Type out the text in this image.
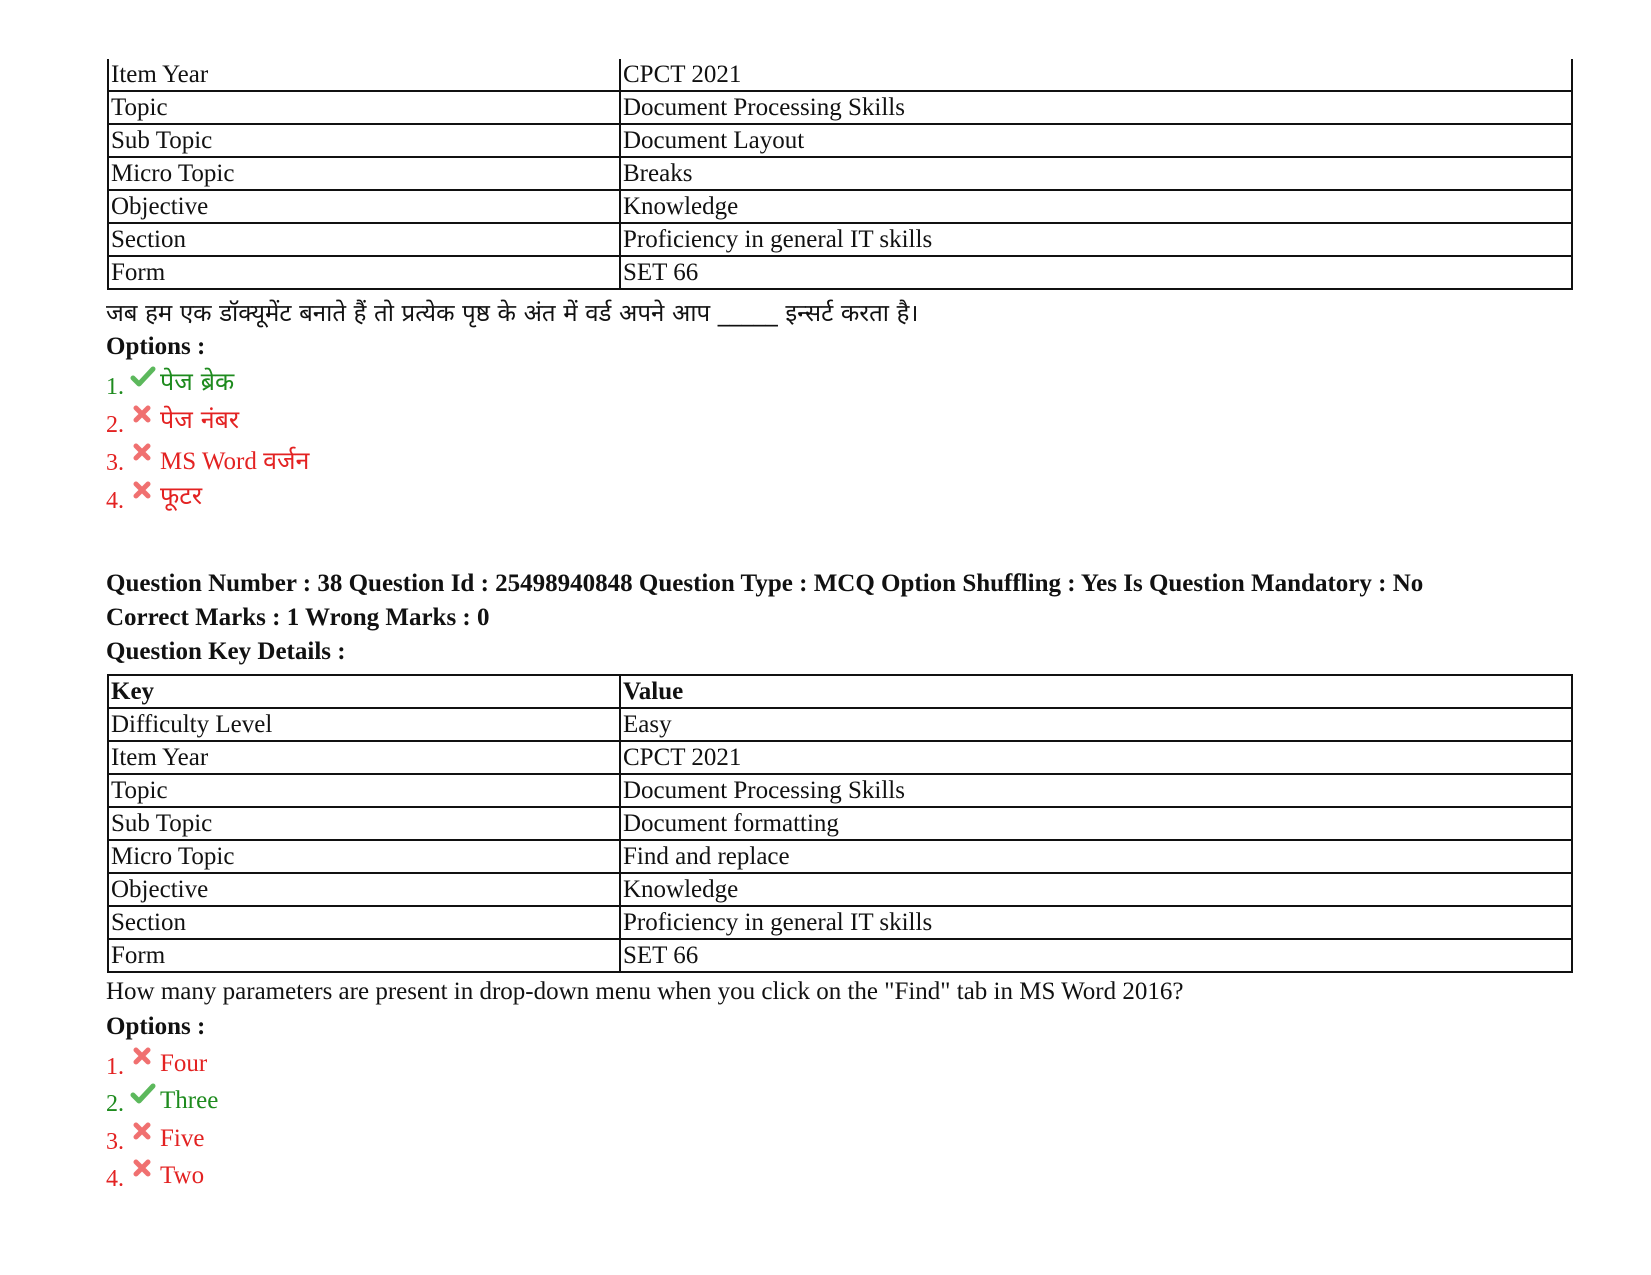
Item Year	CPCT 2021
Topic	Document Processing Skills
Sub Topic	Document Layout
Micro Topic	Breaks
Objective	Knowledge
Section	Proficiency in general IT skills
Form	SET 66
जब हम एक डॉक्यूमेंट बनाते हैं तो प्रत्येक पृष्ठ के अंत में वर्ड अपने आप _____ इन्सर्ट करता है।
Options :
1. पेज ब्रेक
2. पेज नंबर
3. MS Word वर्जन
4. फूटर
Question Number : 38 Question Id : 25498940848 Question Type : MCQ Option Shuffling : Yes Is Question Mandatory : No
Correct Marks : 1 Wrong Marks : 0
Question Key Details :
Key	Value
Difficulty Level	Easy
Item Year	CPCT 2021
Topic	Document Processing Skills
Sub Topic	Document formatting
Micro Topic	Find and replace
Objective	Knowledge
Section	Proficiency in general IT skills
Form	SET 66
How many parameters are present in drop-down menu when you click on the "Find" tab in MS Word 2016?
Options :
1. Four
2. Three
3. Five
4. Two
